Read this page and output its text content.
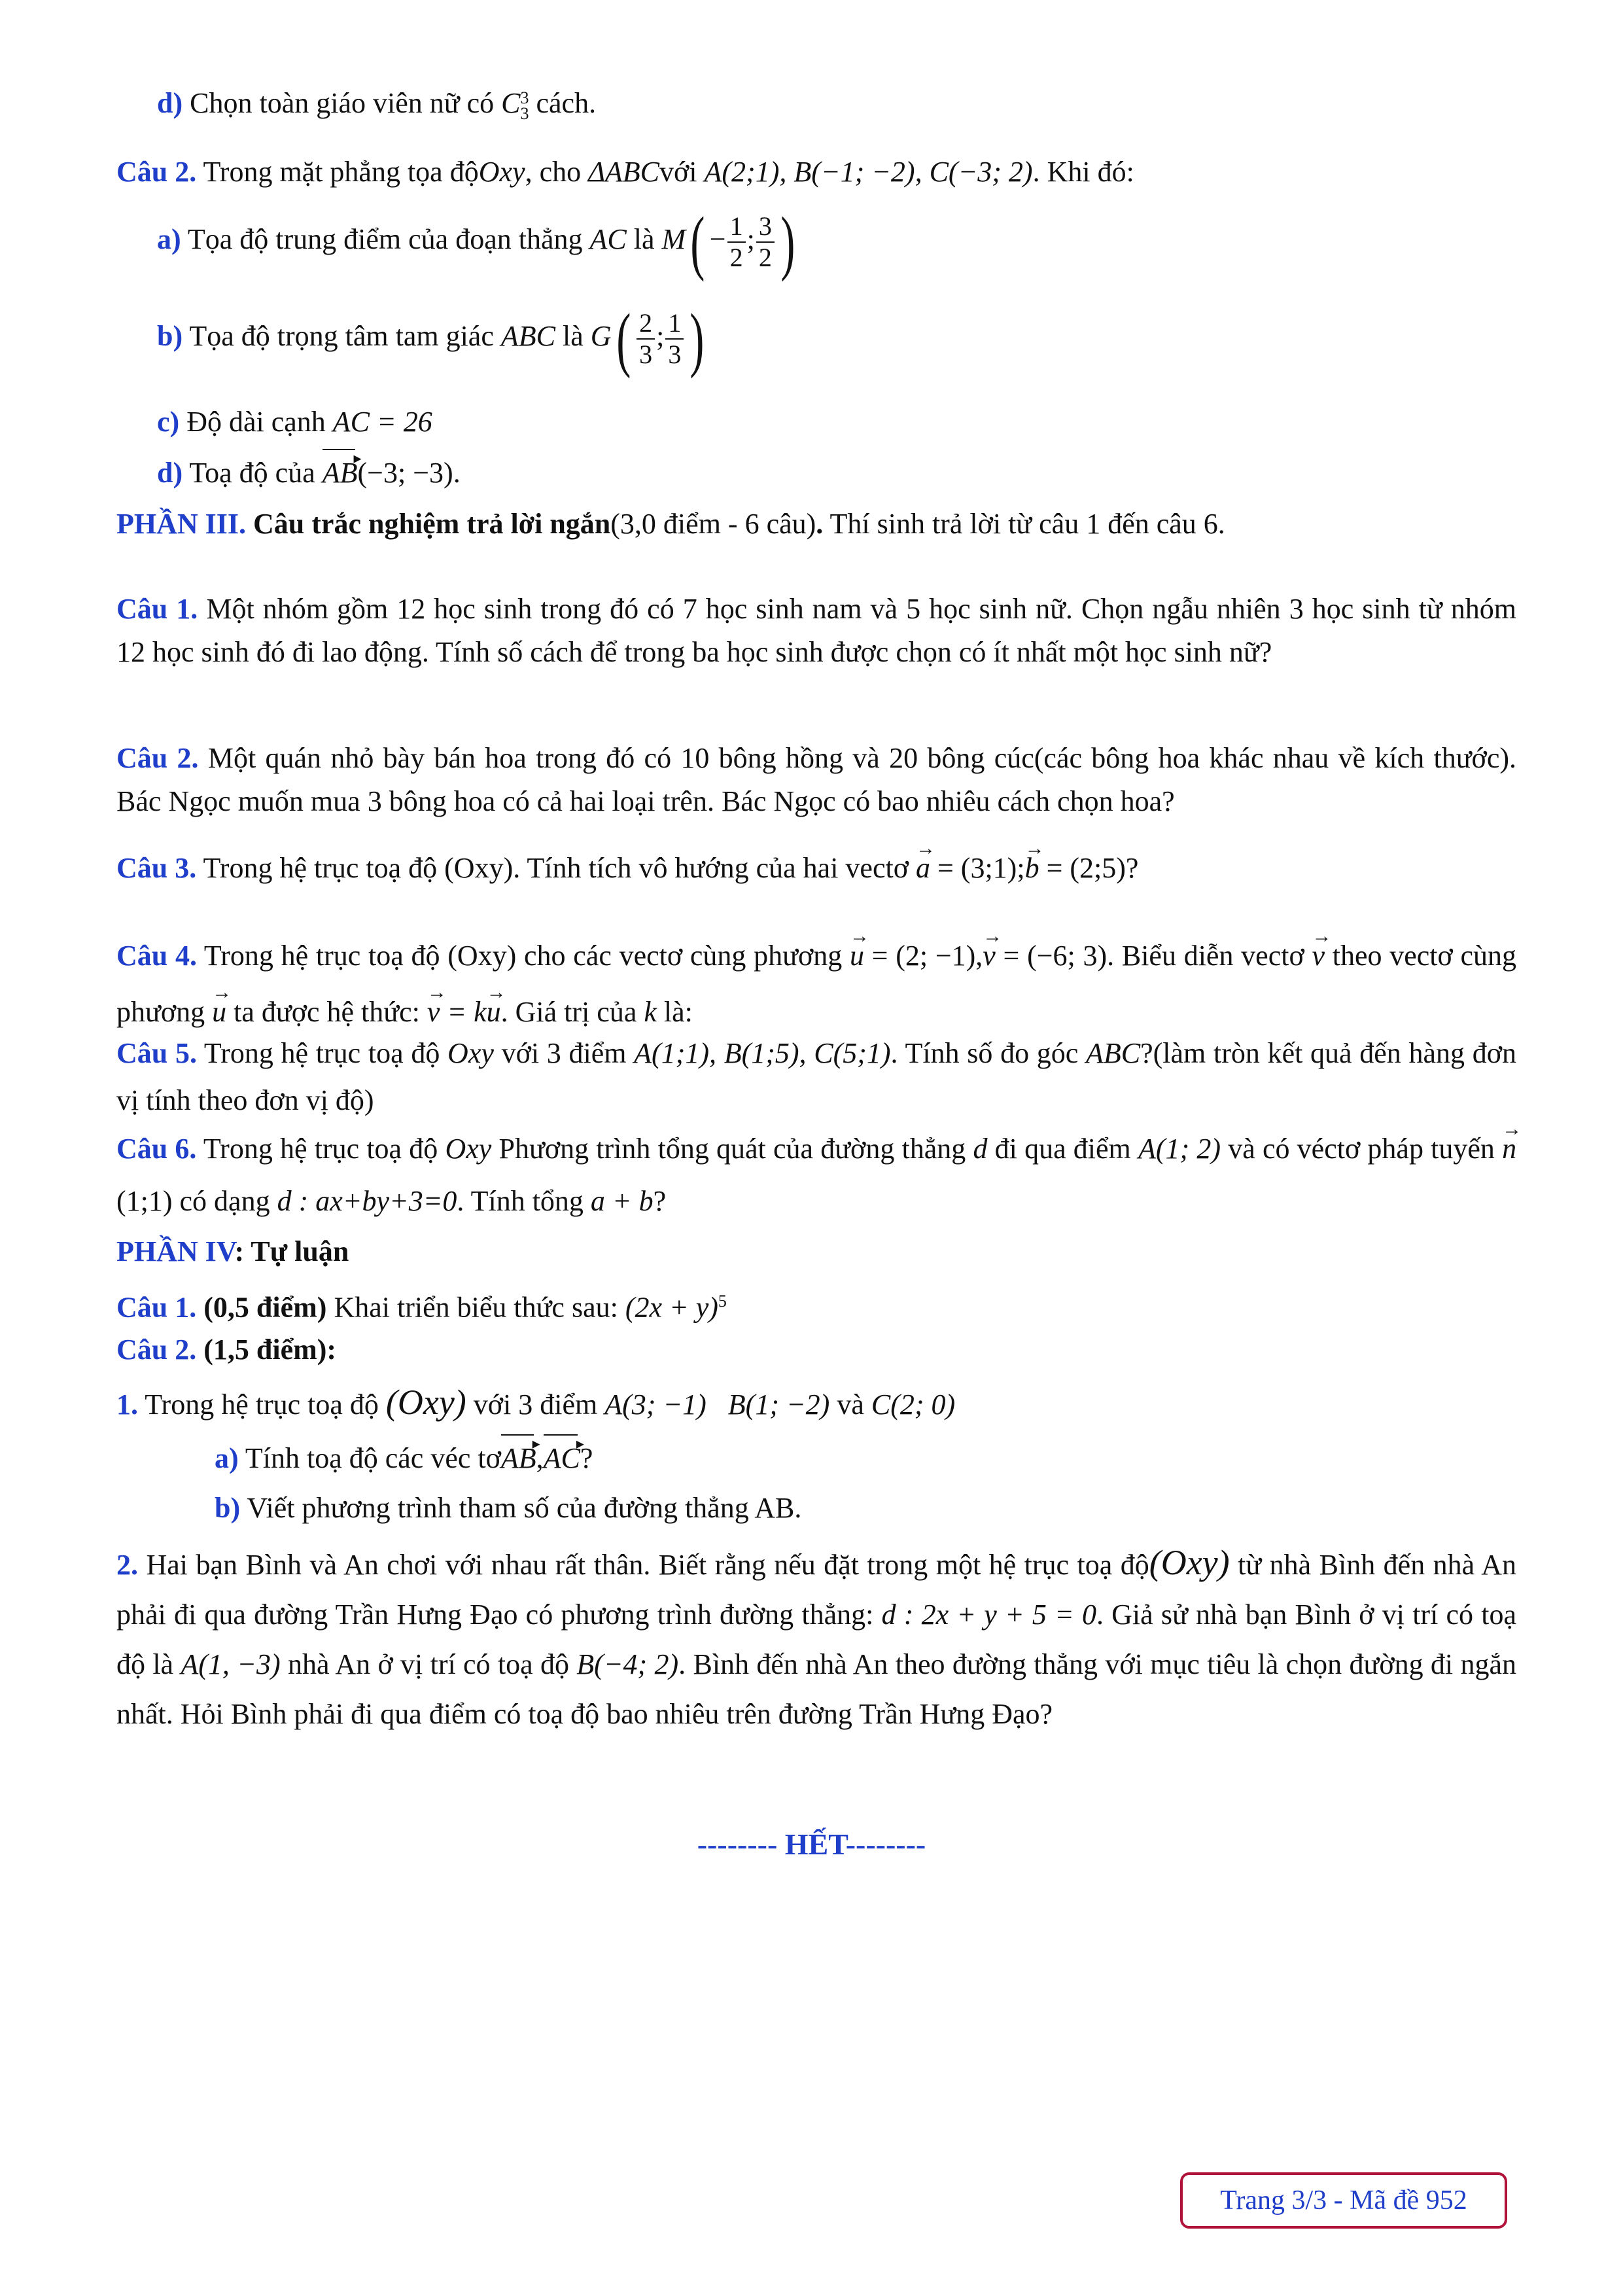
d) Chọn toàn giáo viên nữ có C 3
3 cách.
Câu 2. Trong mặt phẳng tọa độOxy, cho ΔABCvới A(2;1), B(−1; −2), C(−3; 2). Khi đó:
a) Tọa độ trung điểm của đoạn thẳng AC là $M( - \frac{1}{2}$ ; $\frac{3}{2}$ )
b) Tọa độ trọng tâm tam giác ABC là $G( \frac{2}{3}$ ; $\frac{1}{3}$ )
c) Độ dài cạnh AC = 26
d) Toạ độ của AB ▸(−3; −3).
PHẦN III. Câu trắc nghiệm trả lời ngắn(3,0 điểm - 6 câu). Thí sinh trả lời từ câu 1 đến câu 6.
Câu 1. Một nhóm gồm 12 học sinh trong đó có 7 học sinh nam và 5 học sinh nữ. Chọn ngẫu nhiên 3 học sinh từ nhóm 12 học sinh đó đi lao động. Tính số cách để trong ba học sinh được chọn có ít nhất một học sinh nữ?
Câu 2. Một quán nhỏ bày bán hoa trong đó có 10 bông hồng và 20 bông cúc(các bông hoa khác nhau về kích thước). Bác Ngọc muốn mua 3 bông hoa có cả hai loại trên. Bác Ngọc có bao nhiêu cách chọn hoa?
Câu 3. Trong hệ trục toạ độ (Oxy). Tính tích vô hướng của hai vectơ → a = (3;1);→ b = (2;5)?
Câu 4. Trong hệ trục toạ độ (Oxy) cho các vectơ cùng phương → u = (2; −1),→ v = (−6; 3). Biểu diễn vectơ → v theo vectơ cùng phương → u ta được hệ thức: → v = k→ u. Giá trị của k là:
Câu 5. Trong hệ trục toạ độ Oxy với 3 điểm A(1;1), B(1;5), C(5;1). Tính số đo góc ABC?(làm tròn kết quả đến hàng đơn vị tính theo đơn vị độ)
Câu 6. Trong hệ trục toạ độ Oxy Phương trình tổng quát của đường thẳng d đi qua điểm A(1; 2) và có véctơ pháp tuyến → n(1;1) có dạng d : ax+by+3=0. Tính tổng a + b?
PHẦN IV: Tự luận
Câu 1. (0,5 điểm) Khai triển biểu thức sau: $(2x + y)^5$
Câu 2. (1,5 điểm):
1. Trong hệ trục toạ độ (Oxy) với 3 điểm A(3; −1)   B(1; −2) và C(2; 0)
a) Tính toạ độ các véc tơAB ▸,AC ▸?
b) Viết phương trình tham số của đường thẳng AB.
2. Hai bạn Bình và An chơi với nhau rất thân. Biết rằng nếu đặt trong một hệ trục toạ độ(Oxy) từ nhà Bình đến nhà An phải đi qua đường Trần Hưng Đạo có phương trình đường thẳng: d : 2x + y + 5 = 0. Giả sử nhà bạn Bình ở vị trí có toạ độ là A(1, −3) nhà An ở vị trí có toạ độ B(−4; 2). Bình đến nhà An theo đường thẳng với mục tiêu là chọn đường đi ngắn nhất. Hỏi Bình phải đi qua điểm có toạ độ bao nhiêu trên đường Trần Hưng Đạo?
-------- HẾT--------
Trang 3/3 - Mã đề 952
